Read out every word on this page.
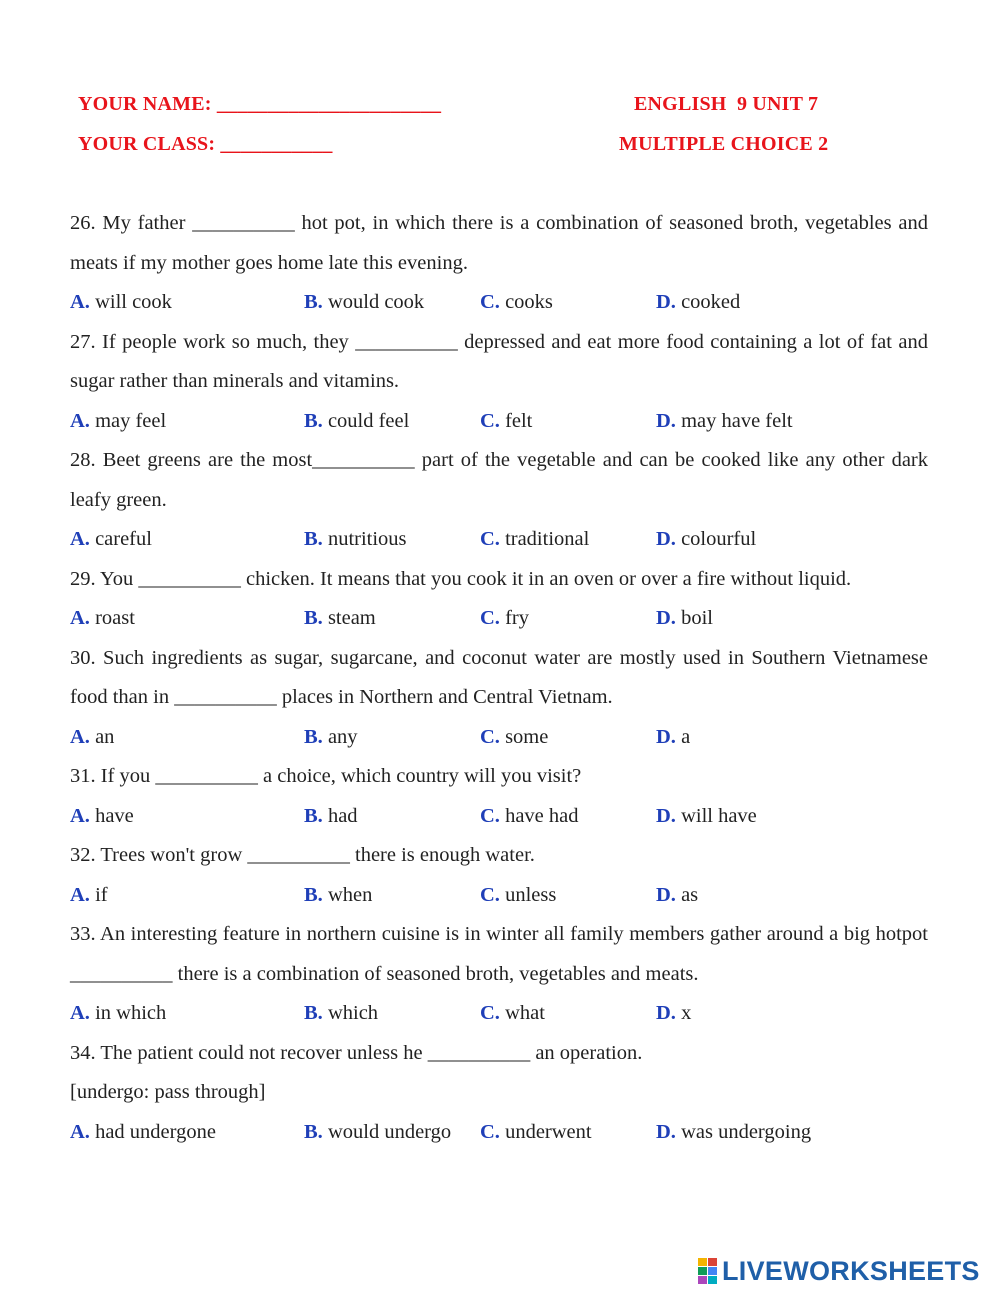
YOUR NAME: ______________________
YOUR CLASS: ___________
ENGLISH  9 UNIT 7
MULTIPLE CHOICE 2

26. My father __________ hot pot, in which there is a combination of seasoned broth, vegetables and meats if my mother goes home late this evening.

A. will cook	B. would cook	C. cooks	D. cooked

27. If people work so much, they __________ depressed and eat more food containing a lot of fat and sugar rather than minerals and vitamins.

A. may feel	B. could feel	C. felt	D. may have felt

28. Beet greens are the most__________ part of the vegetable and can be cooked like any other dark leafy green.

A. careful	B. nutritious	C. traditional	D. colourful

29. You __________ chicken. It means that you cook it in an oven or over a fire without liquid.

A. roast	B. steam	C. fry	D. boil

30. Such ingredients as sugar, sugarcane, and coconut water are mostly used in Southern Vietnamese food than in __________ places in Northern and Central Vietnam.

A. an	B. any	C. some	D. a

31. If you __________ a choice, which country will you visit?

A. have	B. had	C. have had	D. will have

32. Trees won't grow __________ there is enough water.

A. if	B. when	C. unless	D. as

33. An interesting feature in northern cuisine is in winter all family members gather around a big hotpot __________ there is a combination of seasoned broth, vegetables and meats.

A. in which	B. which	C. what	D. x

34. The patient could not recover unless he __________ an operation.

[undergo: pass through]

A. had undergone	B. would undergo C. underwent	D. was undergoing
LIVEWORKSHEETS
